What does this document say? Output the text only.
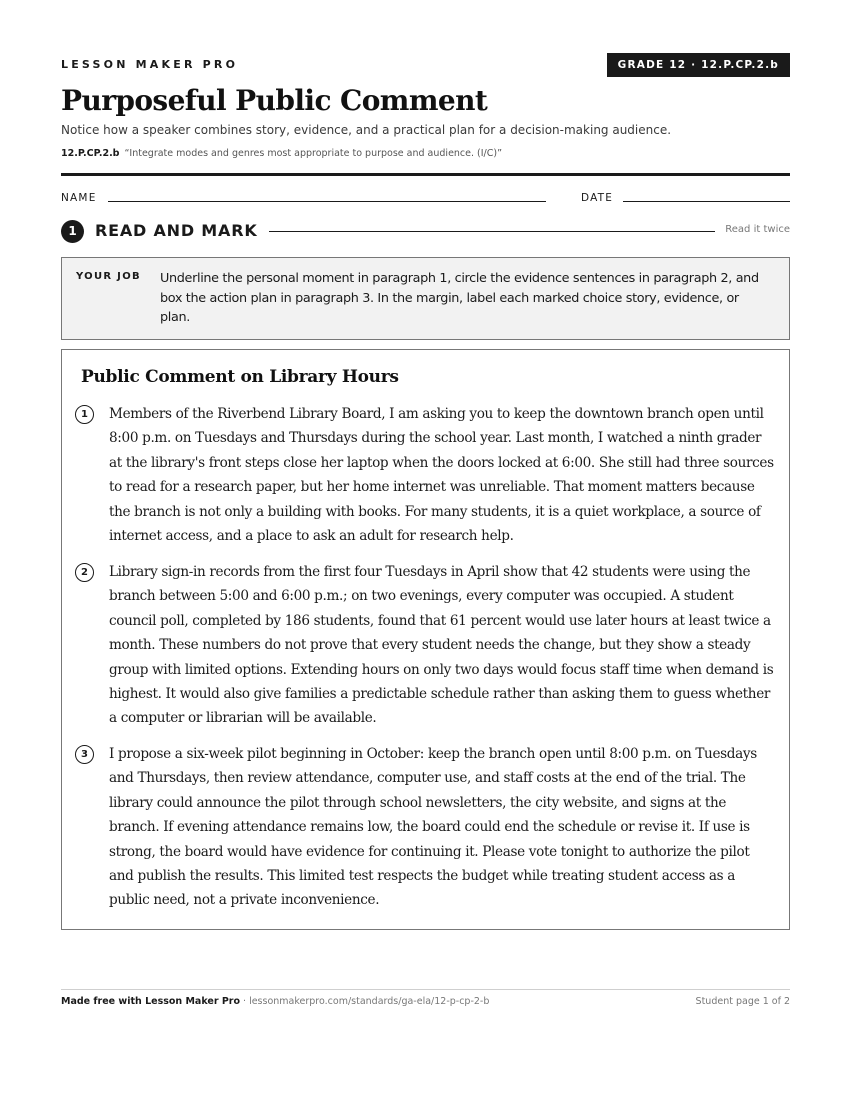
LESSON MAKER PRO	GRADE 12 · 12.P.CP.2.b
Purposeful Public Comment

Notice how a speaker combines story, evidence, and a practical plan for a decision-making audience.

12.P.CP.2.b “Integrate modes and genres most appropriate to purpose and audience. (I/C)”

NAME	DATE
1	READ AND MARK	Read it twice
YOUR JOB Underline the personal moment in paragraph 1, circle the evidence sentences in paragraph 2, and box the action plan in paragraph 3. In the margin, label each marked choice story, evidence, or plan.

Public Comment on Library Hours
1	Members of the Riverbend Library Board, I am asking you to keep the downtown branch open until 8:00 p.m. on Tuesdays and Thursdays during the school year. Last month, I watched a ninth grader at the library's front steps close her laptop when the doors locked at 6:00. She still had three sources to read for a research paper, but her home internet was unreliable. That moment matters because the branch is not only a building with books. For many students, it is a quiet workplace, a source of internet access, and a place to ask an adult for research help.

2	Library sign-in records from the first four Tuesdays in April show that 42 students were using the branch between 5:00 and 6:00 p.m.; on two evenings, every computer was occupied. A student council poll, completed by 186 students, found that 61 percent would use later hours at least twice a month. These numbers do not prove that every student needs the change, but they show a steady group with limited options. Extending hours on only two days would focus staff time when demand is highest. It would also give families a predictable schedule rather than asking them to guess whether a computer or librarian will be available.

3	I propose a six-week pilot beginning in October: keep the branch open until 8:00 p.m. on Tuesdays and Thursdays, then review attendance, computer use, and staff costs at the end of the trial. The library could announce the pilot through school newsletters, the city website, and signs at the branch. If evening attendance remains low, the board could end the schedule or revise it. If use is strong, the board would have evidence for continuing it. Please vote tonight to authorize the pilot and publish the results. This limited test respects the budget while treating student access as a public need, not a private inconvenience.

Made free with Lesson Maker Pro · lessonmakerpro.com/standards/ga-ela/12-p-cp-2-b	Student page 1 of 2
